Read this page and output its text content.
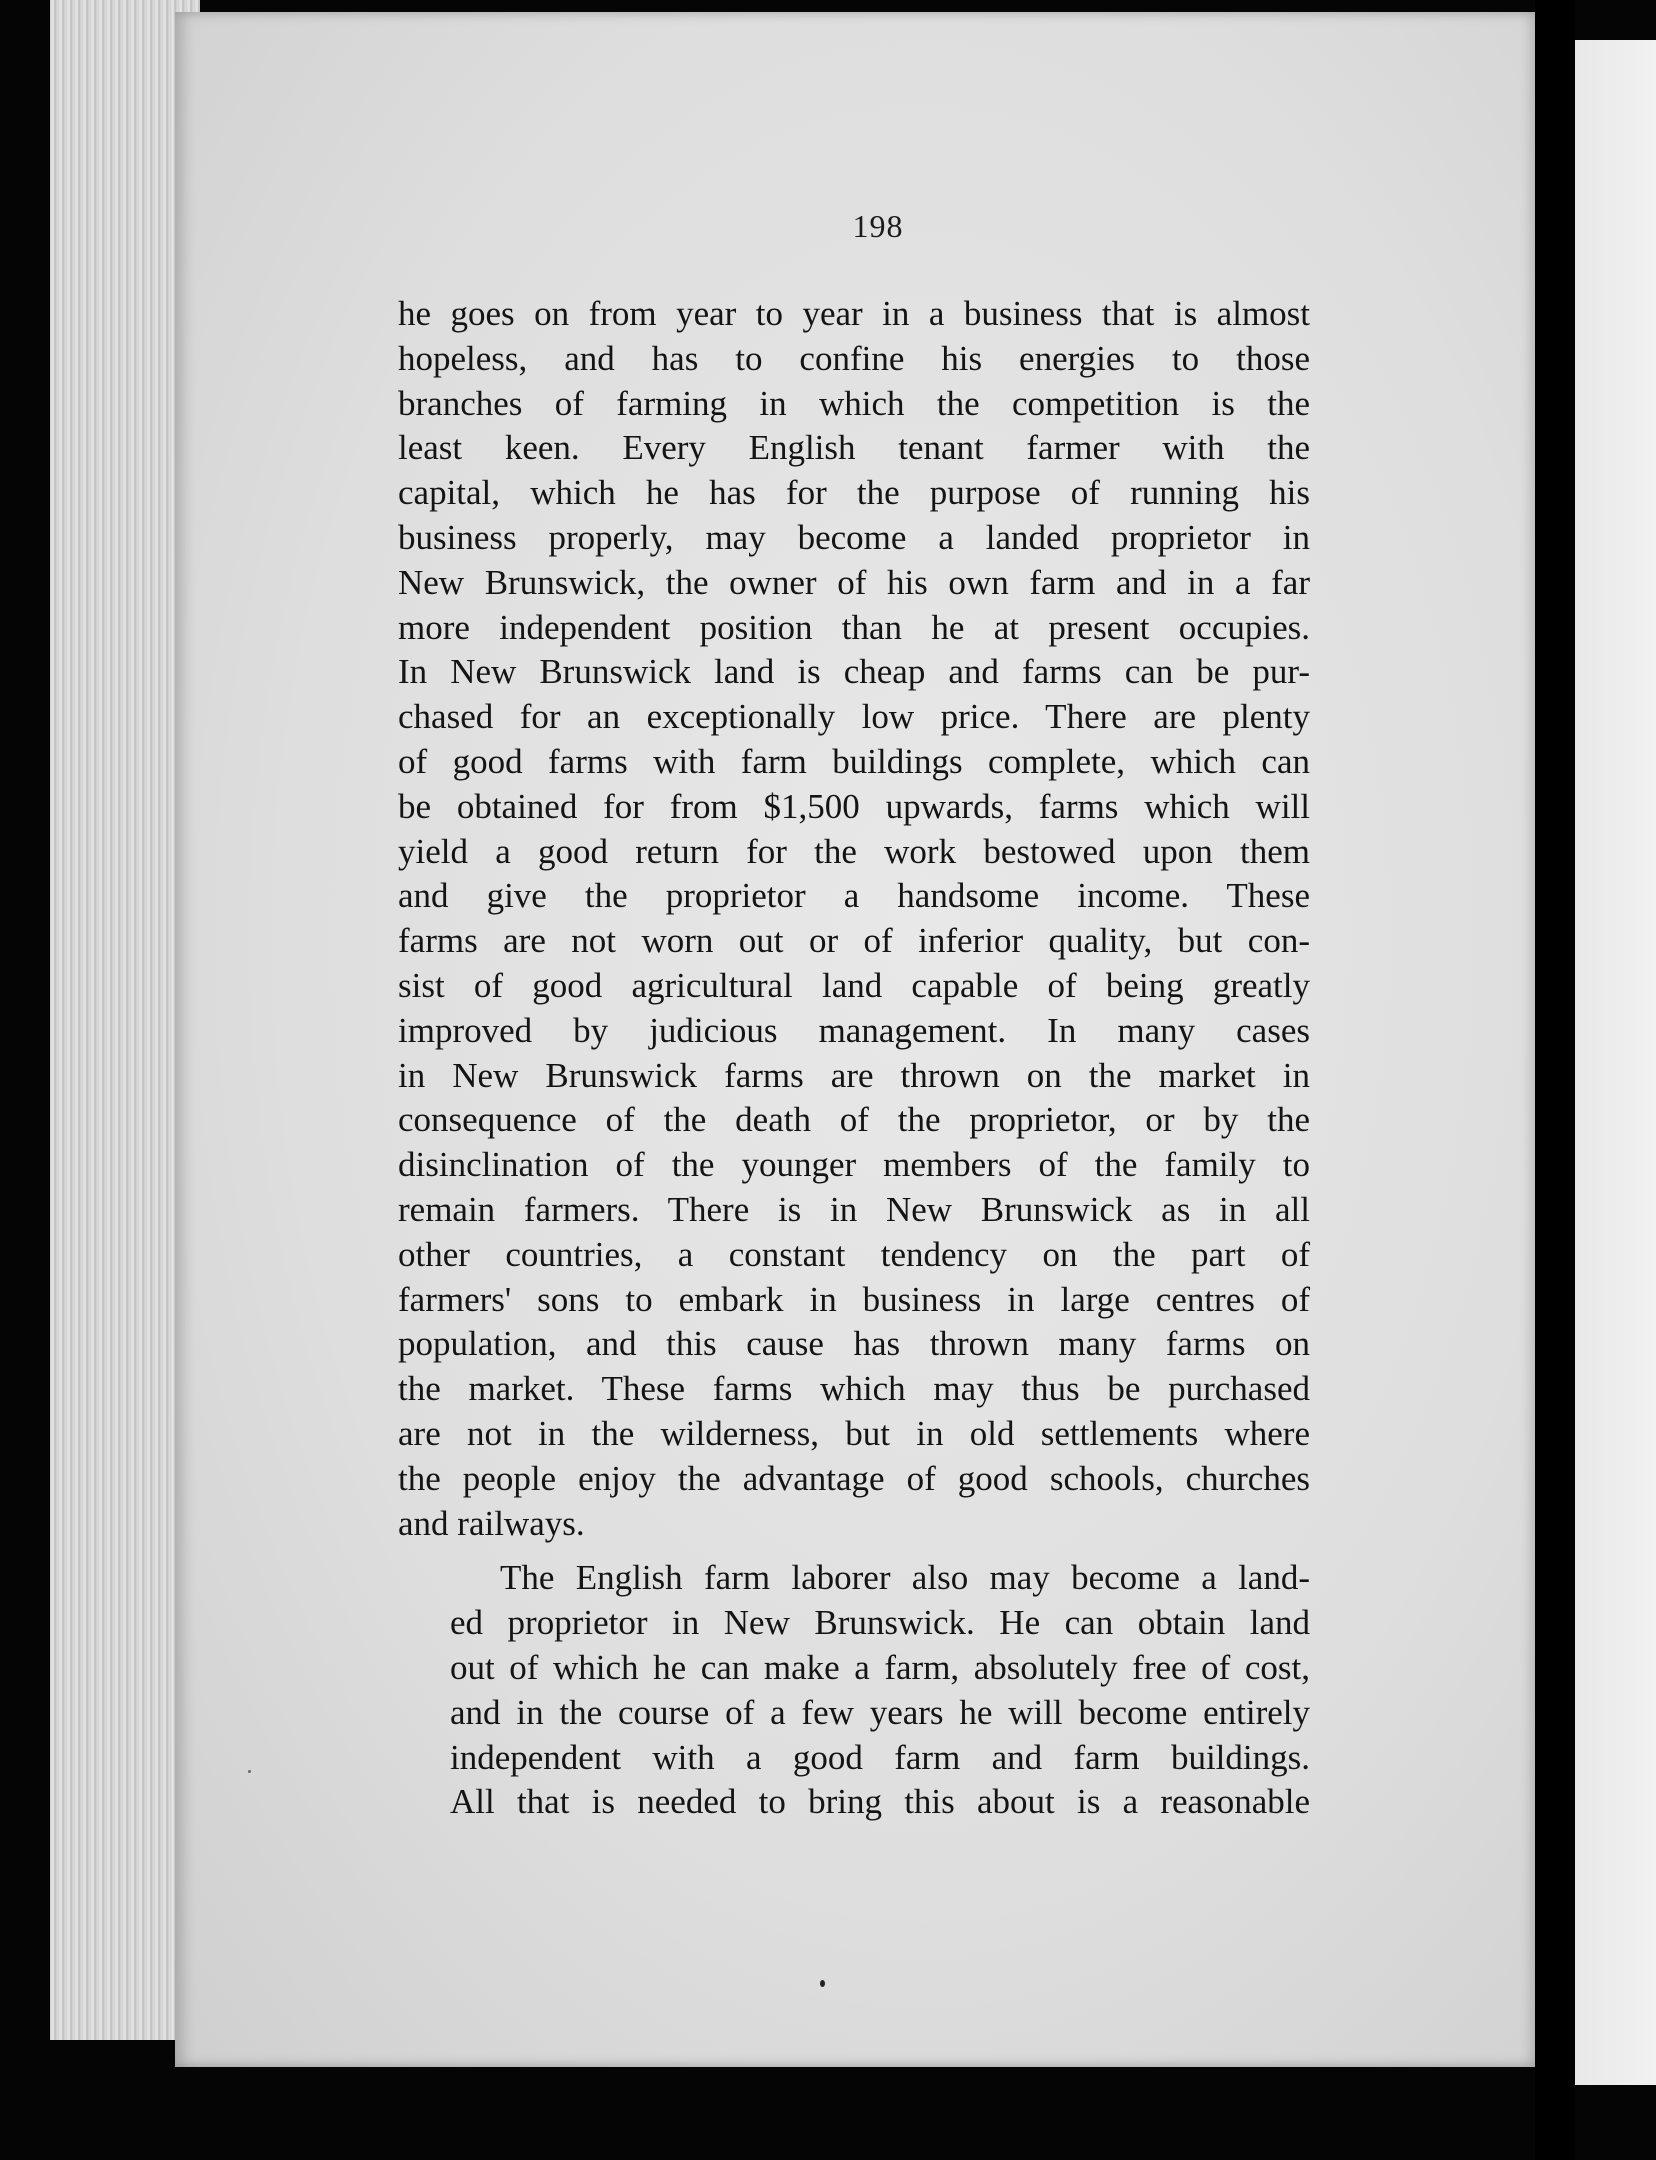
198

he goes on from year to year in a business that is almost
hopeless, and has to confine his energies to those
branches of farming in which the competition is the
least keen. Every English tenant farmer with the
capital, which he has for the purpose of running his
business properly, may become a landed proprietor in
New Brunswick, the owner of his own farm and in a far
more independent position than he at present occupies.
In New Brunswick land is cheap and farms can be pur-
chased for an exceptionally low price. There are plenty
of good farms with farm buildings complete, which can
be obtained for from $1,500 upwards, farms which will
yield a good return for the work bestowed upon them
and give the proprietor a handsome income. These
farms are not worn out or of inferior quality, but con-
sist of good agricultural land capable of being greatly
improved by judicious management. In many cases
in New Brunswick farms are thrown on the market in
consequence of the death of the proprietor, or by the
disinclination of the younger members of the family to
remain farmers. There is in New Brunswick as in all
other countries, a constant tendency on the part of
farmers' sons to embark in business in large centres of
population, and this cause has thrown many farms on
the market. These farms which may thus be purchased
are not in the wilderness, but in old settlements where
the people enjoy the advantage of good schools, churches
and railways.

The English farm laborer also may become a land-
ed proprietor in New Brunswick. He can obtain land
out of which he can make a farm, absolutely free of cost,
and in the course of a few years he will become entirely
independent with a good farm and farm buildings.
All that is needed to bring this about is a reasonable
